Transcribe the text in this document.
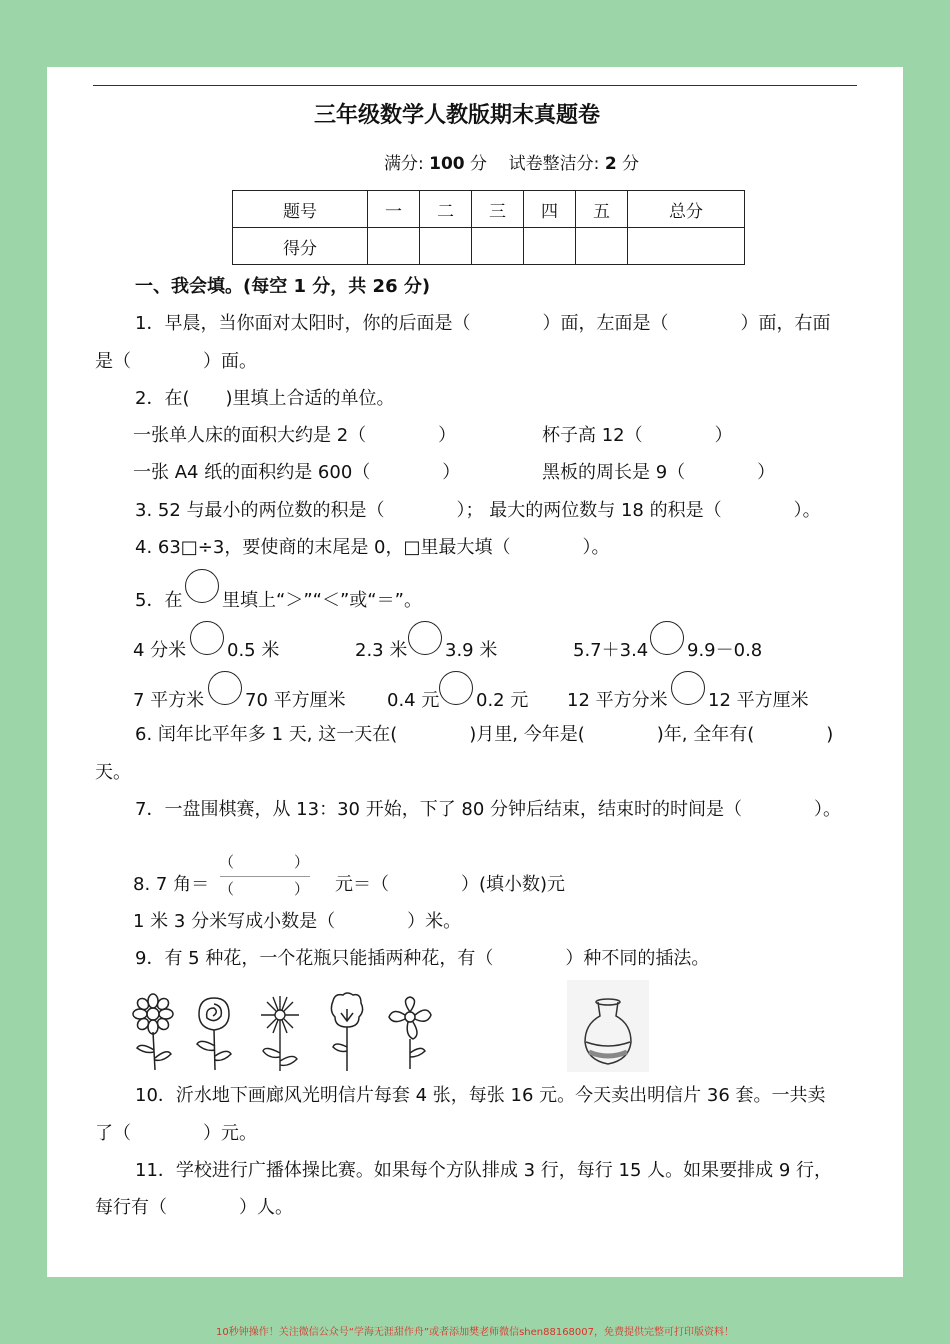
三年级数学人教版期末真题卷
满分: 100 分 试卷整洁分: 2 分
题号	一	二	三	四	五	总分
得分						
一、我会填。(每空 1 分，共 26 分)
1．早晨，当你面对太阳时，你的后面是（　　　　）面，左面是（　　　　）面，右面
是（　　　　）面。
2．在(　　)里填上合适的单位。
一张单人床的面积大约是 2（　　　　）	杯子高 12（　　　　）
一张 A4 纸的面积约是 600（　　　　）	黑板的周长是 9（　　　　）
3. 52 与最小的两位数的积是（　　　　）； 最大的两位数与 18 的积是（　　　　）。
4. 63□÷3，要使商的末尾是 0，□里最大填（　　　　）。
5．在 里填上“＞”“＜”或“＝”。
4 分米 0.5 米	2.3 米 3.9 米	5.7＋3.4 9.9－0.8
7 平方米 70 平方厘米 0.4 元 0.2 元 12 平方分米 12 平方厘米
6. 闰年比平年多 1 天, 这一天在(　　　　)月里, 今年是(　　　　)年, 全年有(　　　　)
天。
7．一盘围棋赛，从 13：30 开始，下了 80 分钟后结束，结束时的时间是（　　　　）。
8. 7 角＝
（　　　　）
（　　　　） 元＝（　　　　）(填小数)元
1 米 3 分米写成小数是（　　　　）米。
9．有 5 种花，一个花瓶只能插两种花，有（　　　　）种不同的插法。
10．沂水地下画廊风光明信片每套 4 张，每张 16 元。今天卖出明信片 36 套。一共卖
了（　　　　）元。
11．学校进行广播体操比赛。如果每个方队排成 3 行，每行 15 人。如果要排成 9 行，
每行有（　　　　）人。
10秒钟操作！关注微信公众号“学海无涯甜作舟”或者添加樊老师微信shen88168007，免费提供完整可打印版资料！
